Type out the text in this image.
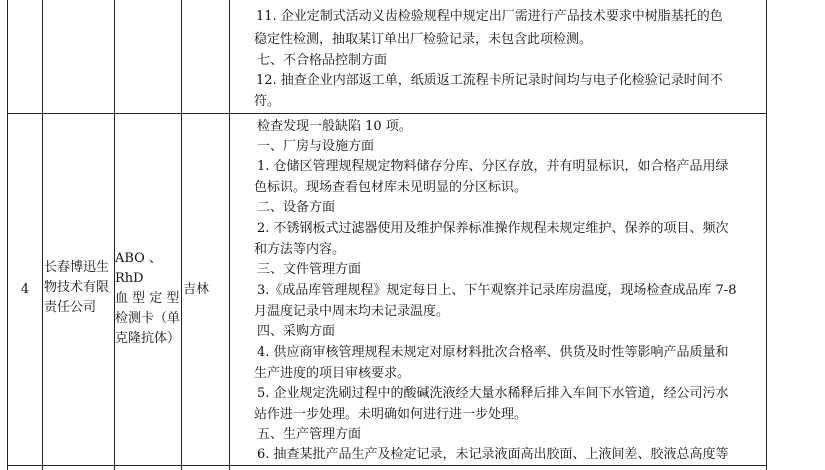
11. 企业定制式活动义齿检验规程中规定出厂需进行产品技术要求中树脂基托的色
稳定性检测，抽取某订单出厂检验记录，未包含此项检测。
七、不合格品控制方面
12. 抽查企业内部返工单，纸质返工流程卡所记录时间均与电子化检验记录时间不
符。
4
长春博迅生
物技术有限
责任公司
ABO 、 RhD
血 型 定 型
检测卡（单
克隆抗体）
吉林
检查发现一般缺陷 10 项。
一、厂房与设施方面
1. 仓储区管理规程规定物料储存分库、分区存放，并有明显标识，如合格产品用绿
色标识。现场查看包材库未见明显的分区标识。
二、设备方面
2. 不锈钢板式过滤器使用及维护保养标准操作规程未规定维护、保养的项目、频次
和方法等内容。
三、文件管理方面
3.《成品库管理规程》规定每日上、下午观察并记录库房温度，现场检查成品库 7-8
月温度记录中周末均未记录温度。
四、采购方面
4. 供应商审核管理规程未规定对原材料批次合格率、供货及时性等影响产品质量和
生产进度的项目审核要求。
5. 企业规定洗刷过程中的酸碱洗液经大量水稀释后排入车间下水管道，经公司污水
站作进一步处理。未明确如何进行进一步处理。
五、生产管理方面
6. 抽查某批产品生产及检定记录，未记录液面高出胶面、上液间差、胶液总高度等
